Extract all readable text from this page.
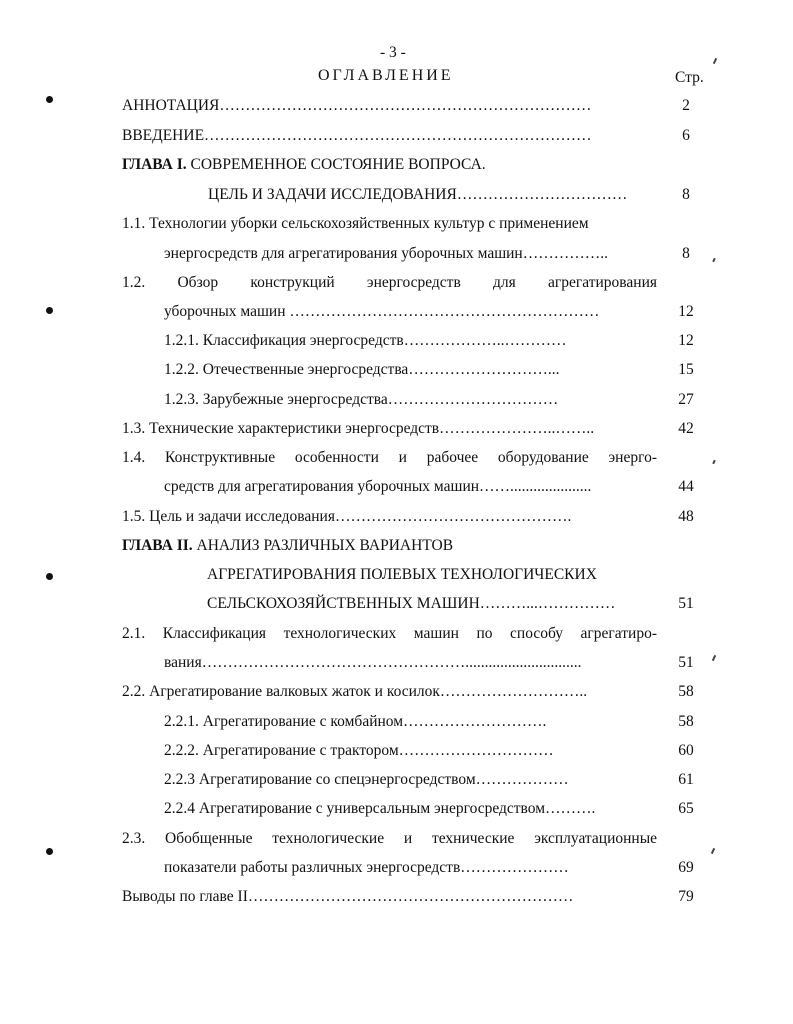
- 3 -
ОГЛАВЛЕНИЕ	Стр.
АННОТАЦИЯ………………………………………………………………	2
ВВЕДЕНИЕ…………………………………………………………………	6
ГЛАВА I. СОВРЕМЕННОЕ СОСТОЯНИЕ ВОПРОСА.
ЦЕЛЬ И ЗАДАЧИ ИССЛЕДОВАНИЯ……………………………	8
1.1. Технологии уборки сельскохозяйственных культур с применением
энергосредств для агрегатирования уборочных машин……………..	8
1.2. Обзор конструкций энергосредств для агрегатирования
уборочных машин ……………………………………………………	12
1.2.1. Классификация энергосредств………………..…………	12
1.2.2. Отечественные энергосредства………………………...	15
1.2.3. Зарубежные энергосредства……………………………	27
1.3. Технические характеристики энергосредств…………………..……..	42
1.4. Конструктивные особенности и рабочее оборудование энерго-
средств для агрегатирования уборочных машин…….....................	44
1.5. Цель и задачи исследования……………………………………….	48
ГЛАВА II. АНАЛИЗ РАЗЛИЧНЫХ ВАРИАНТОВ
АГРЕГАТИРОВАНИЯ ПОЛЕВЫХ ТЕХНОЛОГИЧЕСКИХ
СЕЛЬСКОХОЗЯЙСТВЕННЫХ МАШИН………...……………	51
2.1. Классификация технологических машин по способу агрегатиро-
вания……………………………………………..............................	51
2.2. Агрегатирование валковых жаток и косилок………………………..	58
2.2.1. Агрегатирование с комбайном……………………….	58
2.2.2. Агрегатирование с трактором…………………………	60
2.2.3 Агрегатирование со спецэнергосредством………………	61
2.2.4 Агрегатирование с универсальным энергосредством……….	65
2.3. Обобщенные технологические и технические эксплуатационные
показатели работы различных энергосредств…………………	69
Выводы по главе II………………………………………………………	79
